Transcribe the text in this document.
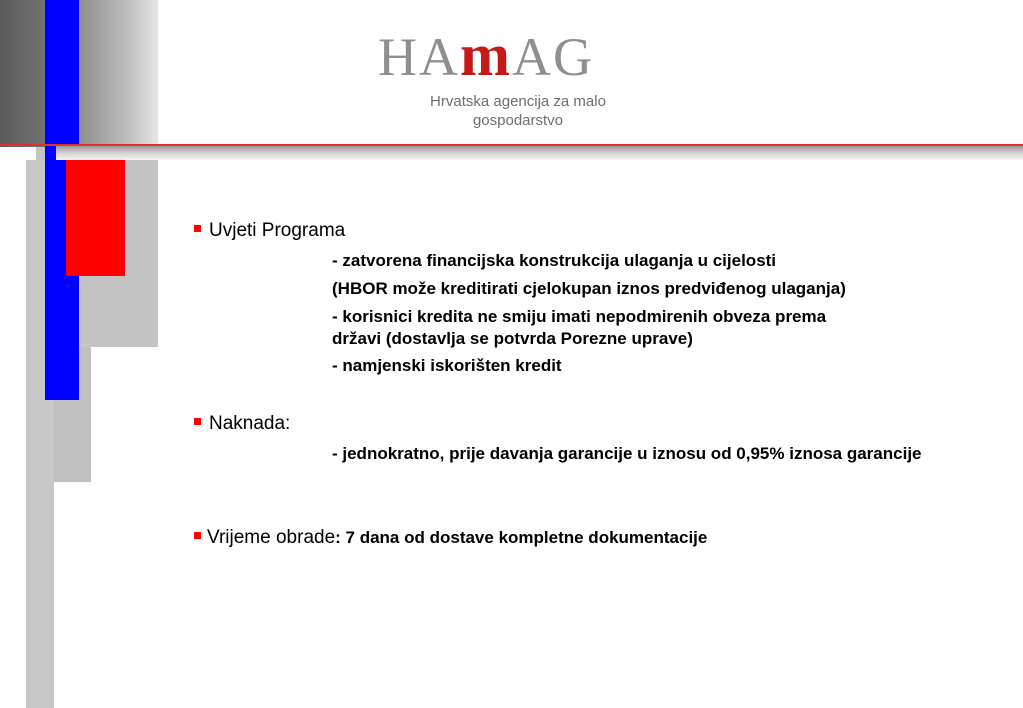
HAmAG
Hrvatska agencija za malo
gospodarstvo
Uvjeti Programa
- zatvorena financijska konstrukcija ulaganja u cijelosti
(HBOR može kreditirati cjelokupan iznos predviđenog ulaganja)
- korisnici kredita ne smiju imati nepodmirenih obveza prema
državi (dostavlja se potvrda Porezne uprave)
- namjenski iskorišten kredit
Naknada:
- jednokratno, prije davanja garancije u iznosu od 0,95% iznosa garancije
Vrijeme obrade: 7 dana od dostave kompletne dokumentacije
